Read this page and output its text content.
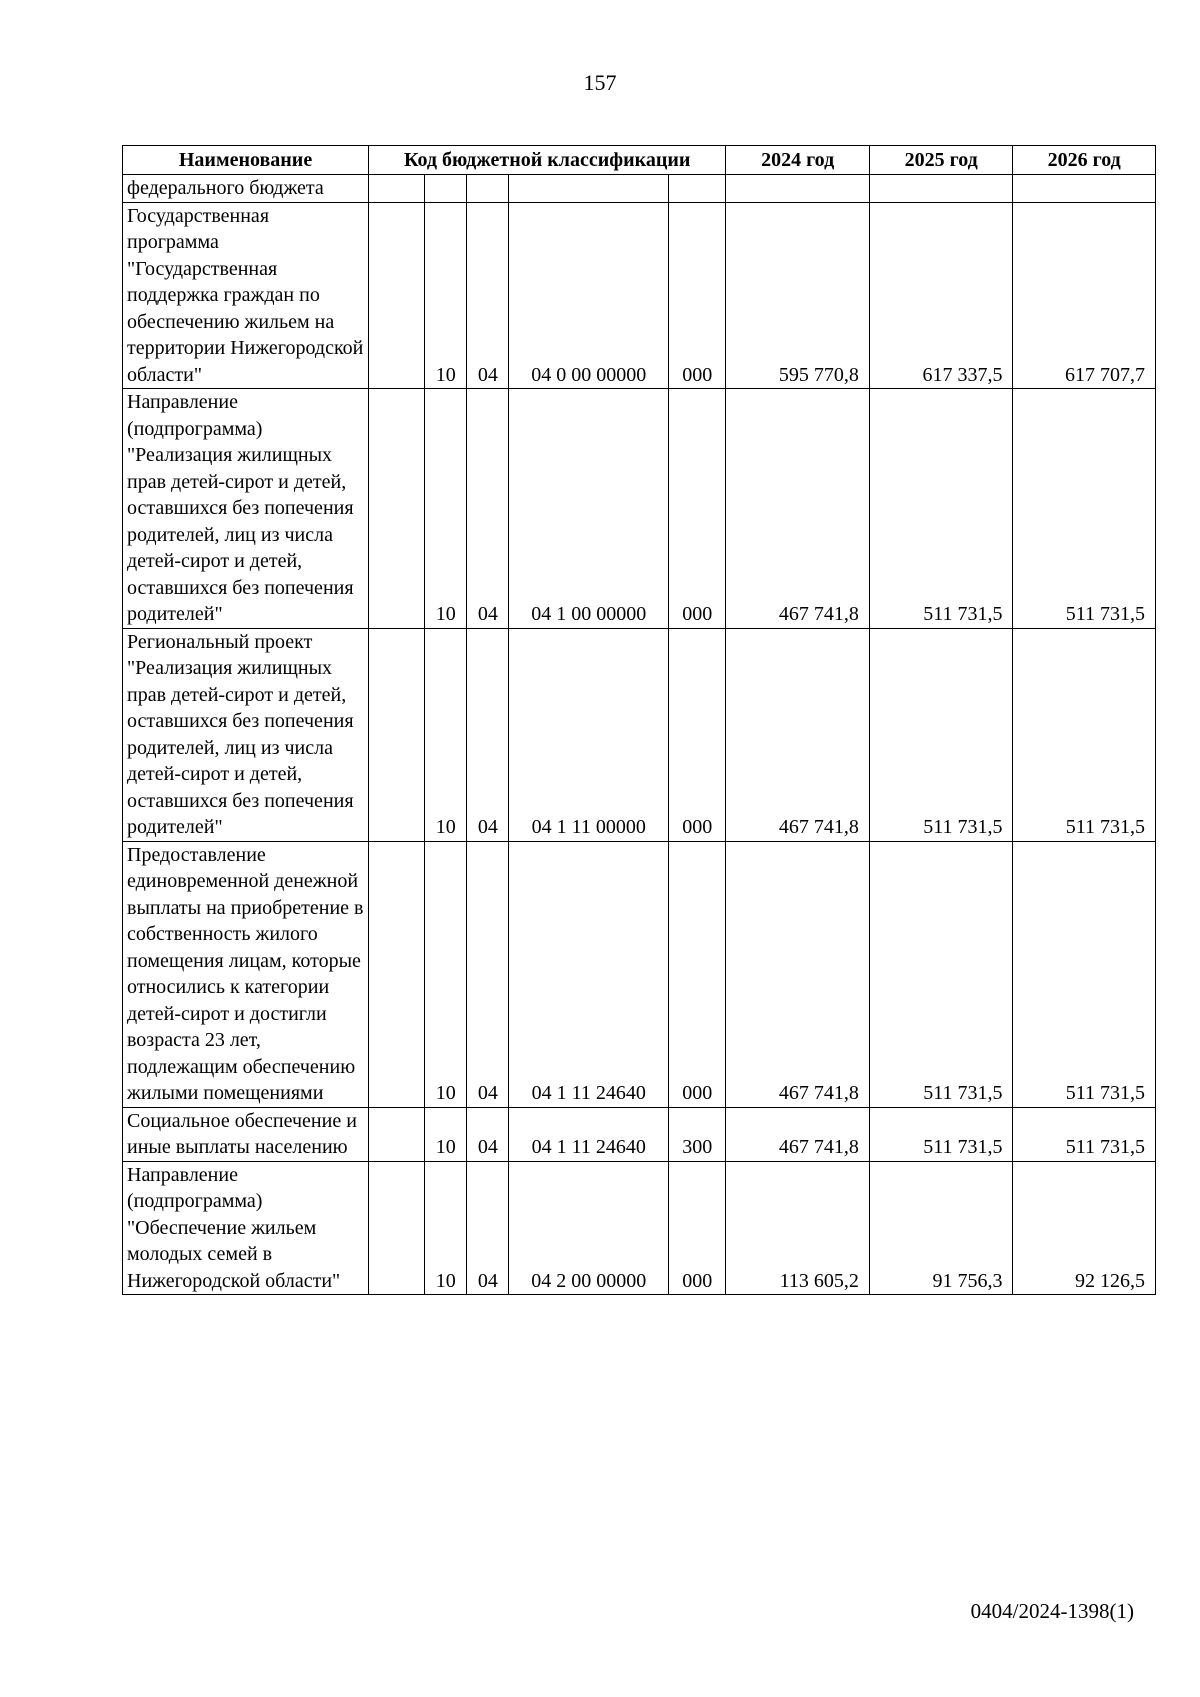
157
Наименование	Код бюджетной классификации					2024 год	2025 год	2026 год
федерального бюджета								
Государственная программа "Государственная поддержка граждан по обеспечению жильем на территории Нижегородской области"		10	04	04 0 00 00000	000	595 770,8	617 337,5	617 707,7
Направление (подпрограмма) "Реализация жилищных прав детей-сирот и детей, оставшихся без попечения родителей, лиц из числа детей-сирот и детей, оставшихся без попечения родителей"		10	04	04 1 00 00000	000	467 741,8	511 731,5	511 731,5
Региональный проект "Реализация жилищных прав детей-сирот и детей, оставшихся без попечения родителей, лиц из числа детей-сирот и детей, оставшихся без попечения родителей"		10	04	04 1 11 00000	000	467 741,8	511 731,5	511 731,5
Предоставление единовременной денежной выплаты на приобретение в собственность жилого помещения лицам, которые относились к категории детей-сирот и достигли возраста 23 лет, подлежащим обеспечению жилыми помещениями		10	04	04 1 11 24640	000	467 741,8	511 731,5	511 731,5
Социальное обеспечение и иные выплаты населению		10	04	04 1 11 24640	300	467 741,8	511 731,5	511 731,5
Направление (подпрограмма) "Обеспечение жильем молодых семей в Нижегородской области"		10	04	04 2 00 00000	000	113 605,2	91 756,3	92 126,5
0404/2024-1398(1)
